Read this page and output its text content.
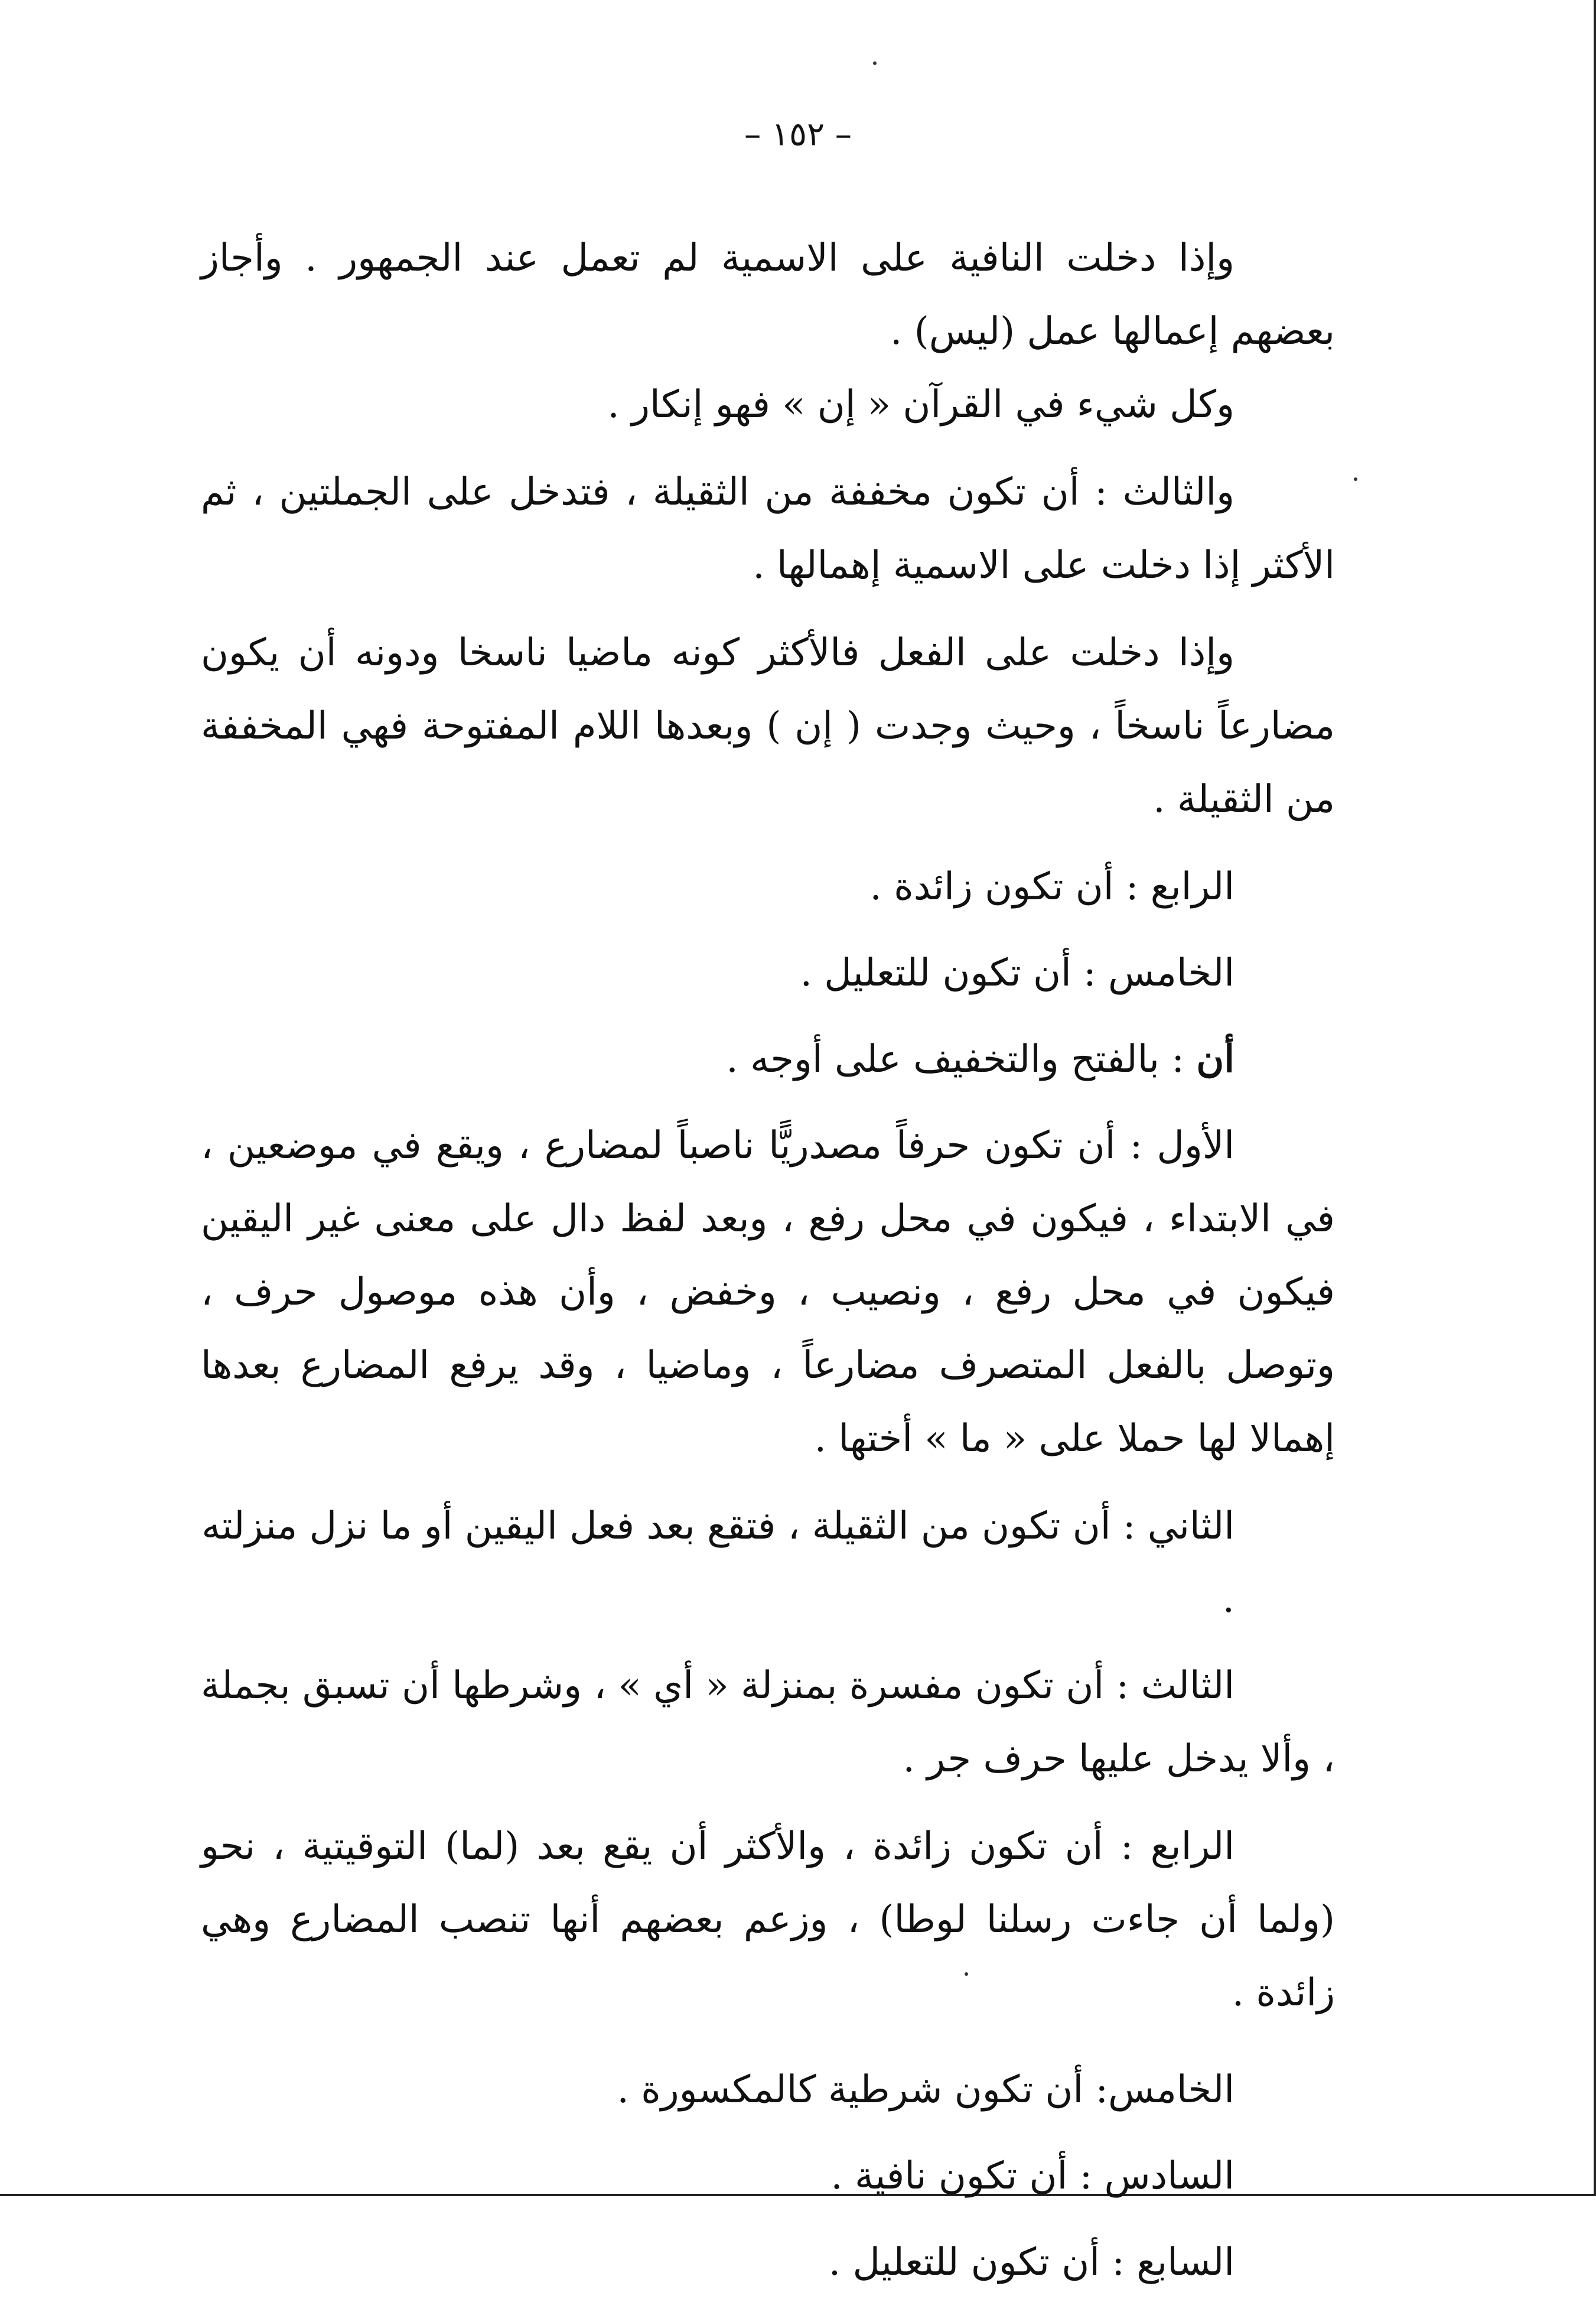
– ١٥٢ –

وإذا دخلت النافية على الاسمية لم تعمل عند الجمهور . وأجاز بعضهم إعمالها عمل (ليس) .

وكل شيء في القرآن « إن » فهو إنكار .

والثالث : أن تكون مخففة من الثقيلة ، فتدخل على الجملتين ، ثم الأكثر إذا دخلت على الاسمية إهمالها .

وإذا دخلت على الفعل فالأكثر كونه ماضيا ناسخا ودونه أن يكون مضارعاً ناسخاً ، وحيث وجدت ( إن ) وبعدها اللام المفتوحة فهي المخففة من الثقيلة .

الرابع : أن تكون زائدة .

الخامس : أن تكون للتعليل .

أن : بالفتح والتخفيف على أوجه .

الأول : أن تكون حرفاً مصدريًّا ناصباً لمضارع ، ويقع في موضعين ، في الابتداء ، فيكون في محل رفع ، وبعد لفظ دال على معنى غير اليقين فيكون في محل رفع ، ونصيب ، وخفض ، وأن هذه موصول حرف ، وتوصل بالفعل المتصرف مضارعاً ، وماضيا ، وقد يرفع المضارع بعدها إهمالا لها حملا على « ما » أختها .

الثاني : أن تكون من الثقيلة ، فتقع بعد فعل اليقين أو ما نزل منزلته .

الثالث : أن تكون مفسرة بمنزلة « أي » ، وشرطها أن تسبق بجملة ، وألا يدخل عليها حرف جر .

الرابع : أن تكون زائدة ، والأكثر أن يقع بعد (لما) التوقيتية ، نحو (ولما أن جاءت رسلنا لوطا) ، وزعم بعضهم أنها تنصب المضارع وهي زائدة .

الخامس: أن تكون شرطية كالمكسورة .

السادس : أن تكون نافية .

السابع : أن تكون للتعليل .
